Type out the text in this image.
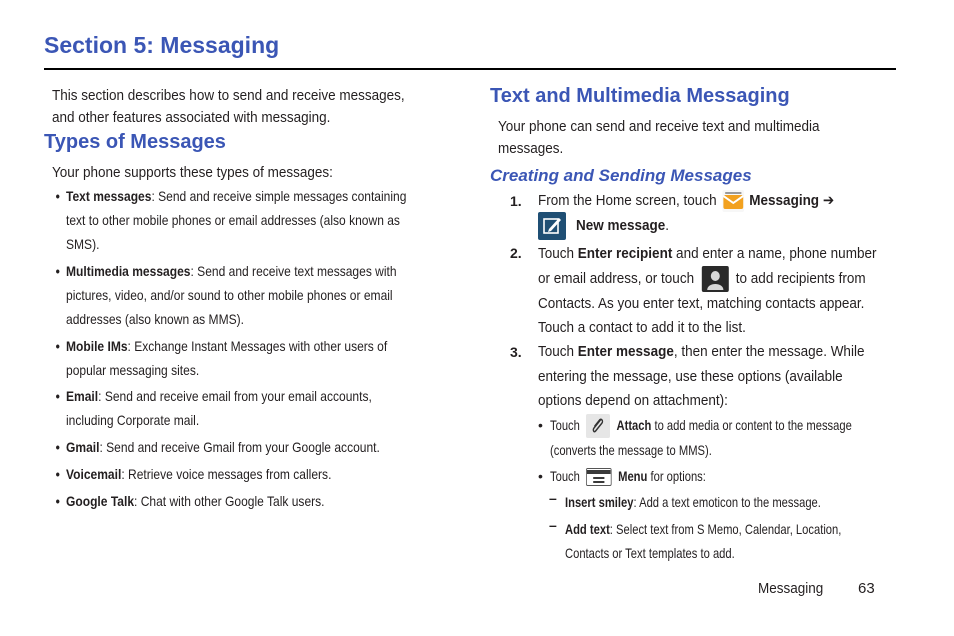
Section 5: Messaging
This section describes how to send and receive messages,
and other features associated with messaging.
Types of Messages
Your phone supports these types of messages:
• Text messages: Send and receive simple messages containing
text to other mobile phones or email addresses (also known as
SMS).
• Multimedia messages: Send and receive text messages with
pictures, video, and/or sound to other mobile phones or email
addresses (also known as MMS).
• Mobile IMs: Exchange Instant Messages with other users of
popular messaging sites.
• Email: Send and receive email from your email accounts,
including Corporate mail.
• Gmail: Send and receive Gmail from your Google account.
• Voicemail: Retrieve voice messages from callers.
• Google Talk: Chat with other Google Talk users.
Text and Multimedia Messaging
Your phone can send and receive text and multimedia
messages.
Creating and Sending Messages
1. From the Home screen, touch Messaging ➔
New message.
2. Touch Enter recipient and enter a name, phone number
or email address, or touch	to add recipients from
Contacts. As you enter text, matching contacts appear.
Touch a contact to add it to the list.
3. Touch Enter message, then enter the message. While
entering the message, use these options (available
options depend on attachment):
• Touch	Attach to add media or content to the message
(converts the message to MMS).
• Touch	Menu for options:
– Insert smiley: Add a text emoticon to the message.
– Add text: Select text from S Memo, Calendar, Location,
Contacts or Text templates to add.
Messaging	63
